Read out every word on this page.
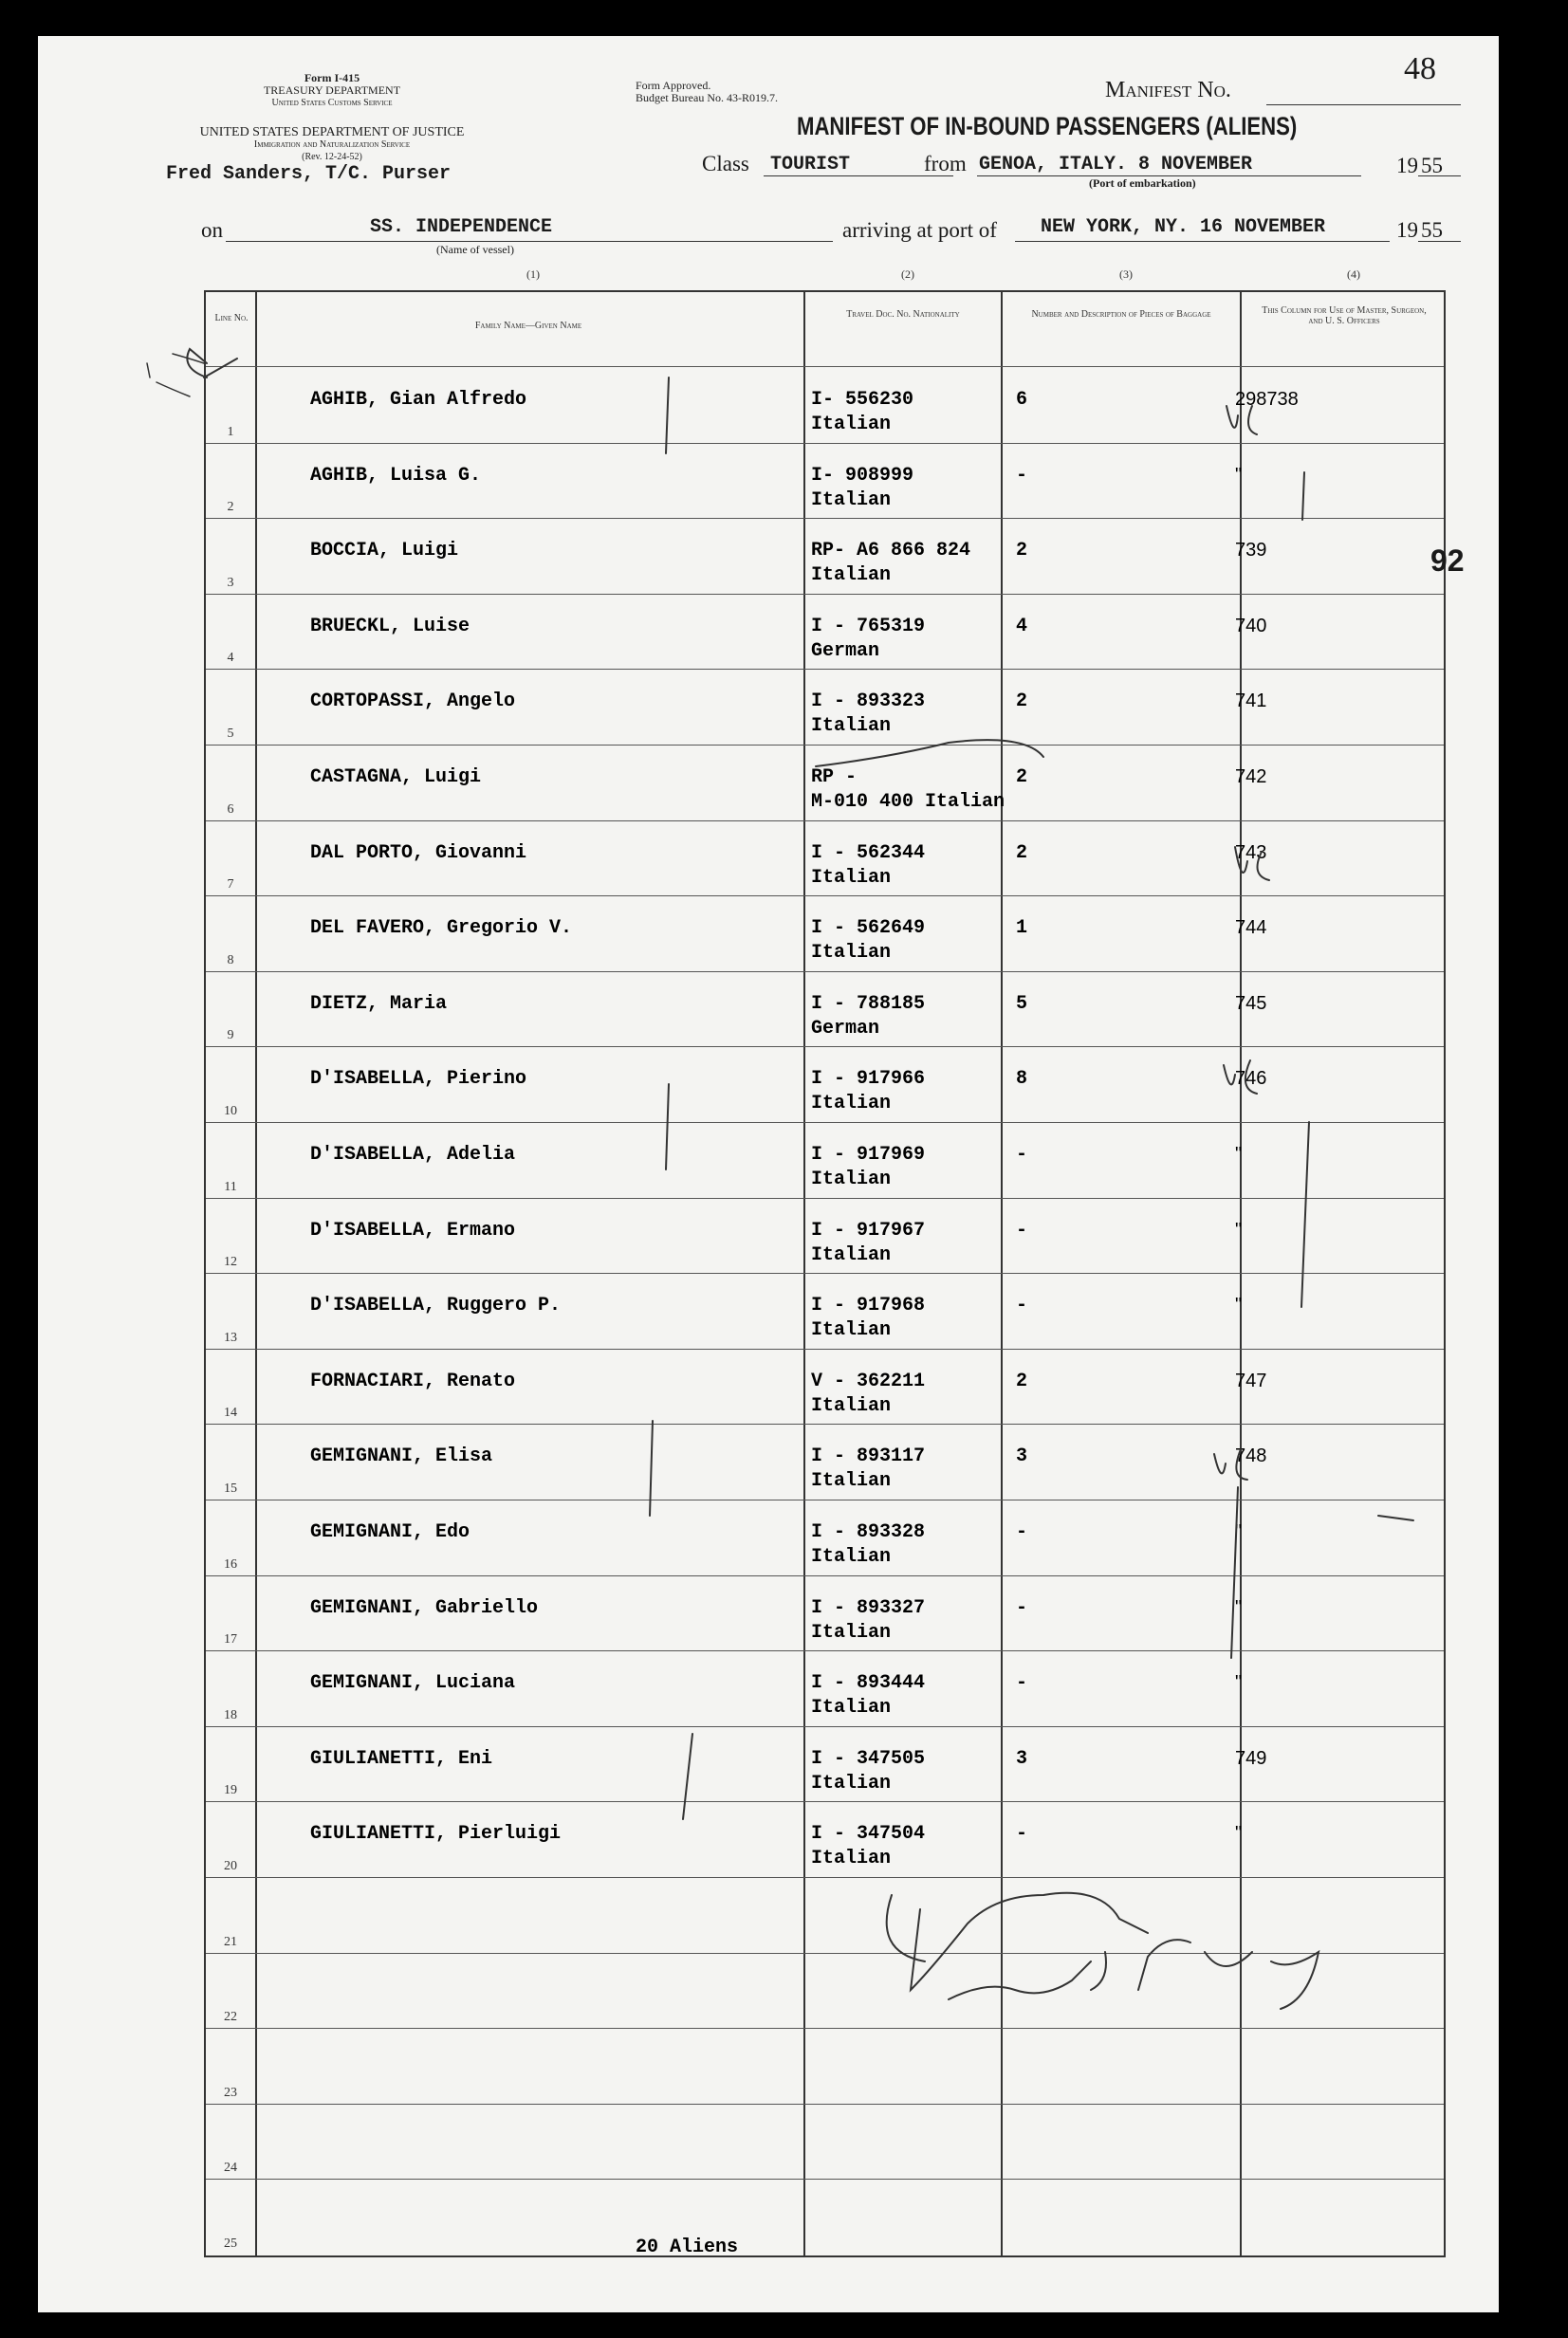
Form I-415
TREASURY DEPARTMENT
United States Customs Service
UNITED STATES DEPARTMENT OF JUSTICE
Immigration and Naturalization Service
(Rev. 12-24-52)
Form Approved.
Budget Bureau No. 43-R019.7.	Manifest No.
48
MANIFEST OF IN-BOUND PASSENGERS (ALIENS)
Fred Sanders, T/C. Purser	Class TOURIST	from GENOA, ITALY. 8 NOVEMBER
(Port of embarkation)
19 55
on	SS. INDEPENDENCE
(Name of vessel)
arriving at port of NEW YORK, NY. 16 NOVEMBER	19 55
(1)	(2)	(3)	(4)
Line No.
Family Name—Given Name
Travel Doc. No. Nationality	Number and Description of Pieces of Baggage	This Column for Use of Master, Surgeon, and U. S. Officers
1
AGHIB, Gian Alfredo	I- 556230
Italian
6	298738
2
AGHIB, Luisa G.	I- 908999
Italian
-	"
3
BOCCIA, Luigi	RP- A6 866 824
Italian
2	739
4
BRUECKL, Luise	I - 765319
German
4	740
5
CORTOPASSI, Angelo	I - 893323
Italian
2	741
6
CASTAGNA, Luigi	RP -
M-010 400 Italian
2	742
7
DAL PORTO, Giovanni	I - 562344
Italian
2	743
8
DEL FAVERO, Gregorio V.	I - 562649
Italian
1	744
9
DIETZ, Maria	I - 788185
German
5	745
10
D'ISABELLA, Pierino	I - 917966
Italian
8	746
11
D'ISABELLA, Adelia	I - 917969
Italian
-	"
12
D'ISABELLA, Ermano	I - 917967
Italian
-	"
13
D'ISABELLA, Ruggero P.	I - 917968
Italian
-	"
14
FORNACIARI, Renato	V - 362211
Italian
2	747
15
GEMIGNANI, Elisa	I - 893117
Italian
3	748
16
GEMIGNANI, Edo	I - 893328
Italian
-	"
17
GEMIGNANI, Gabriello	I - 893327
Italian
-	"
18
GEMIGNANI, Luciana	I - 893444
Italian
-	"
19
GIULIANETTI, Eni	I - 347505
Italian
3	749
20
GIULIANETTI, Pierluigi	I - 347504
Italian
-	"
21
22
23
24
25
92
20 Aliens
